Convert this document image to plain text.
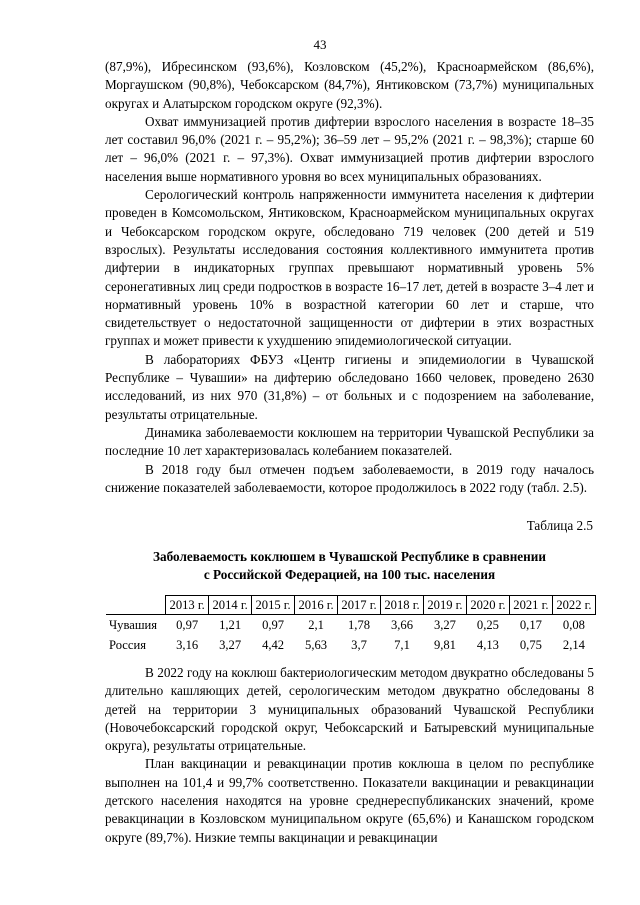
43

(87,9%), Ибресинском (93,6%), Козловском (45,2%), Красноармейском (86,6%), Моргаушском (90,8%), Чебоксарском (84,7%), Янтиковском (73,7%) муниципальных округах и Алатырском городском округе (92,3%).

Охват иммунизацией против дифтерии взрослого населения в возрасте 18–35 лет составил 96,0% (2021 г. – 95,2%); 36–59 лет – 95,2% (2021 г. – 98,3%); старше 60 лет – 96,0% (2021 г. – 97,3%). Охват иммунизацией против дифтерии взрослого населения выше нормативного уровня во всех муниципальных образованиях.

Серологический контроль напряженности иммунитета населения к дифтерии проведен в Комсомольском, Янтиковском, Красноармейском муниципальных округах и Чебоксарском городском округе, обследовано 719 человек (200 детей и 519 взрослых). Результаты исследования состояния коллективного иммунитета против дифтерии в индикаторных группах превышают нормативный уровень 5% серонегативных лиц среди подростков в возрасте 16–17 лет, детей в возрасте 3–4 лет и нормативный уровень 10% в возрастной категории 60 лет и старше, что свидетельствует о недостаточной защищенности от дифтерии в этих возрастных группах и может привести к ухудшению эпидемиологической ситуации.

В лабораториях ФБУЗ «Центр гигиены и эпидемиологии в Чувашской Республике – Чувашии» на дифтерию обследовано 1660 человек, проведено 2630 исследований, из них 970 (31,8%) – от больных и с подозрением на заболевание, результаты отрицательные.

Динамика заболеваемости коклюшем на территории Чувашской Республики за последние 10 лет характеризовалась колебанием показателей.

В 2018 году был отмечен подъем заболеваемости, в 2019 году началось снижение показателей заболеваемости, которое продолжилось в 2022 году (табл. 2.5).

Таблица 2.5
Заболеваемость коклюшем в Чувашской Республике в сравнении
с Российской Федерацией, на 100 тыс. населения
	2013 г.	2014 г.	2015 г.	2016 г.	2017 г.	2018 г.	2019 г.	2020 г.	2021 г.	2022 г.
Чувашия	0,97	1,21	0,97	2,1	1,78	3,66	3,27	0,25	0,17	0,08
Россия	3,16	3,27	4,42	5,63	3,7	7,1	9,81	4,13	0,75	2,14

В 2022 году на коклюш бактериологическим методом двукратно обследованы 5 длительно кашляющих детей, серологическим методом двукратно обследованы 8 детей на территории 3 муниципальных образований Чувашской Республики (Новочебоксарский городской округ, Чебоксарский и Батыревский муниципальные округа), результаты отрицательные.

План вакцинации и ревакцинации против коклюша в целом по республике выполнен на 101,4 и 99,7% соответственно. Показатели вакцинации и ревакцинации детского населения находятся на уровне среднереспубликанских значений, кроме ревакцинации в Козловском муниципальном округе (65,6%) и Канашском городском округе (89,7%). Низкие темпы вакцинации и ревакцинации
